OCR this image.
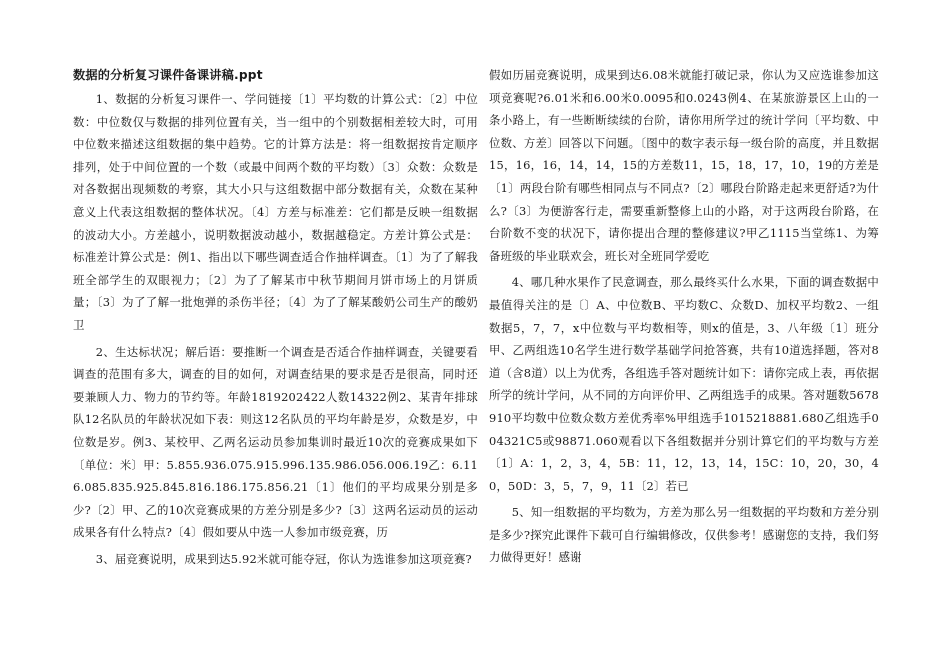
数据的分析复习课件备课讲稿.ppt

1、数据的分析复习课件一、学问链接〔1〕平均数的计算公式：〔2〕中位数：中位数仅与数据的排列位置有关，当一组中的个别数据相差较大时，可用中位数来描述这组数据的集中趋势。它的计算方法是：将一组数据按肯定顺序排列，处于中间位置的一个数（或最中间两个数的平均数）〔3〕众数：众数是对各数据出现频数的考察，其大小只与这组数据中部分数据有关，众数在某种意义上代表这组数据的整体状况。〔4〕方差与标准差：它们都是反映一组数据的波动大小。方差越小，说明数据波动越小，数据越稳定。方差计算公式是：标准差计算公式是：例1、指出以下哪些调查适合作抽样调查。〔1〕为了了解我班全部学生的双眼视力；〔2〕为了了解某市中秋节期间月饼市场上的月饼质量；〔3〕为了了解一批炮弹的杀伤半径；〔4〕为了了解某酸奶公司生产的酸奶卫

2、生达标状况；解后语：要推断一个调查是否适合作抽样调查，关键要看调查的范围有多大，调查的目的如何，对调查结果的要求是否是很高，同时还要兼顾人力、物力的节约等。年龄1819202422人数14322例2、某青年排球队12名队员的年龄状况如下表：则这12名队员的平均年龄是岁，众数是岁，中位数是岁。例3、某校甲、乙两名运动员参加集训时最近10次的竞赛成果如下〔单位：米〕甲：5.855.936.075.915.996.135.986.056.006.19乙：6.116.085.835.925.845.816.186.175.856.21〔1〕他们的平均成果分别是多少?〔2〕甲、乙的10次竞赛成果的方差分别是多少?〔3〕这两名运动员的运动成果各有什么特点?〔4〕假如要从中选一人参加市级竞赛，历

3、届竞赛说明，成果到达5.92米就可能夺冠，你认为选谁参加这项竞赛?

假如历届竞赛说明，成果到达6.08米就能打破记录，你认为又应选谁参加这项竞赛呢?6.01米和6.00米0.0095和0.0243例4、在某旅游景区上山的一条小路上，有一些断断续续的台阶，请你用所学过的统计学问〔平均数、中位数、方差〕回答以下问题。〔图中的数字表示每一级台阶的高度，并且数据15，16，16，14，14，15的方差数11，15，18，17，10，19的方差是〔1〕两段台阶有哪些相同点与不同点?〔2〕哪段台阶路走起来更舒适?为什么?〔3〕为便游客行走，需要重新整修上山的小路，对于这两段台阶路，在台阶数不变的状况下，请你提出合理的整修建议?甲乙1115当堂练1、为筹备班级的毕业联欢会，班长对全班同学爱吃

4、哪几种水果作了民意调查，那么最终买什么水果，下面的调查数据中最值得关注的是〔〕A、中位数B、平均数C、众数D、加权平均数2、一组数据5，7，7，x中位数与平均数相等，则x的值是，3、八年级〔1〕班分甲、乙两组选10名学生进行数学基础学问抢答赛，共有10道选择题，答对8道（含8道）以上为优秀，各组选手答对题统计如下：请你完成上表，再依据所学的统计学问，从不同的方向评价甲、乙两组选手的成果。答对题数5678910平均数中位数众数方差优秀率%甲组选手1015218881.680乙组选手004321C5或98871.060观看以下各组数据并分别计算它们的平均数与方差〔1〕A：1，2，3，4，5B：11，12，13，14，15C：10，20，30，40，50D：3，5，7，9，11〔2〕若已

5、知一组数据的平均数为，方差为那么另一组数据的平均数和方差分别是多少?探究此课件下载可自行编辑修改，仅供参考！感谢您的支持，我们努力做得更好！感谢
